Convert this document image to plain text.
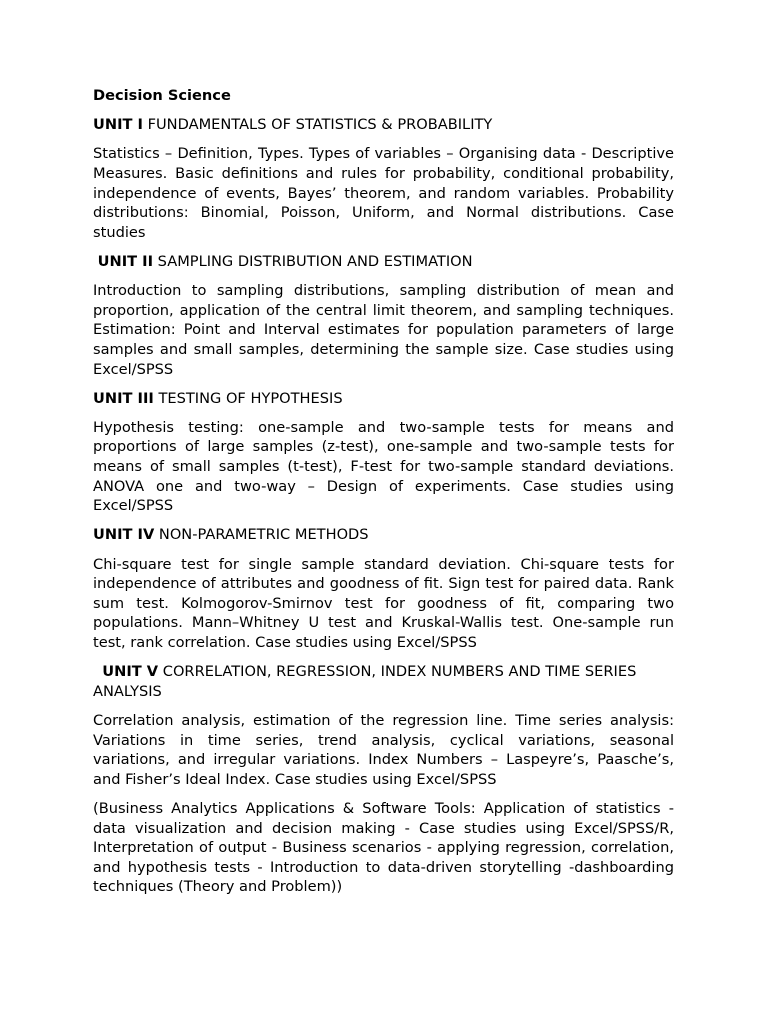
Decision Science

UNIT I FUNDAMENTALS OF STATISTICS & PROBABILITY

Statistics – Definition, Types. Types of variables – Organising data - Descriptive Measures. Basic definitions and rules for probability, conditional probability, independence of events, Bayes’ theorem, and random variables. Probability distributions: Binomial, Poisson, Uniform, and Normal distributions. Case studies

UNIT II SAMPLING DISTRIBUTION AND ESTIMATION

Introduction to sampling distributions, sampling distribution of mean and proportion, application of the central limit theorem, and sampling techniques. Estimation: Point and Interval estimates for population parameters of large samples and small samples, determining the sample size. Case studies using Excel/SPSS

UNIT III TESTING OF HYPOTHESIS

Hypothesis testing: one-sample and two-sample tests for means and proportions of large samples (z-test), one-sample and two-sample tests for means of small samples (t-test), F-test for two-sample standard deviations. ANOVA one and two-way – Design of experiments. Case studies using Excel/SPSS

UNIT IV NON-PARAMETRIC METHODS

Chi-square test for single sample standard deviation. Chi-square tests for independence of attributes and goodness of fit. Sign test for paired data. Rank sum test. Kolmogorov-Smirnov test for goodness of fit, comparing two populations. Mann–Whitney U test and Kruskal-Wallis test. One-sample run test, rank correlation. Case studies using Excel/SPSS

UNIT V CORRELATION, REGRESSION, INDEX NUMBERS AND TIME SERIES ANALYSIS

Correlation analysis, estimation of the regression line. Time series analysis: Variations in time series, trend analysis, cyclical variations, seasonal variations, and irregular variations. Index Numbers – Laspeyre’s, Paasche’s, and Fisher’s Ideal Index. Case studies using Excel/SPSS

(Business Analytics Applications & Software Tools: Application of statistics - data visualization and decision making - Case studies using Excel/SPSS/R, Interpretation of output - Business scenarios - applying regression, correlation, and hypothesis tests - Introduction to data-driven storytelling -dashboarding techniques (Theory and Problem))
